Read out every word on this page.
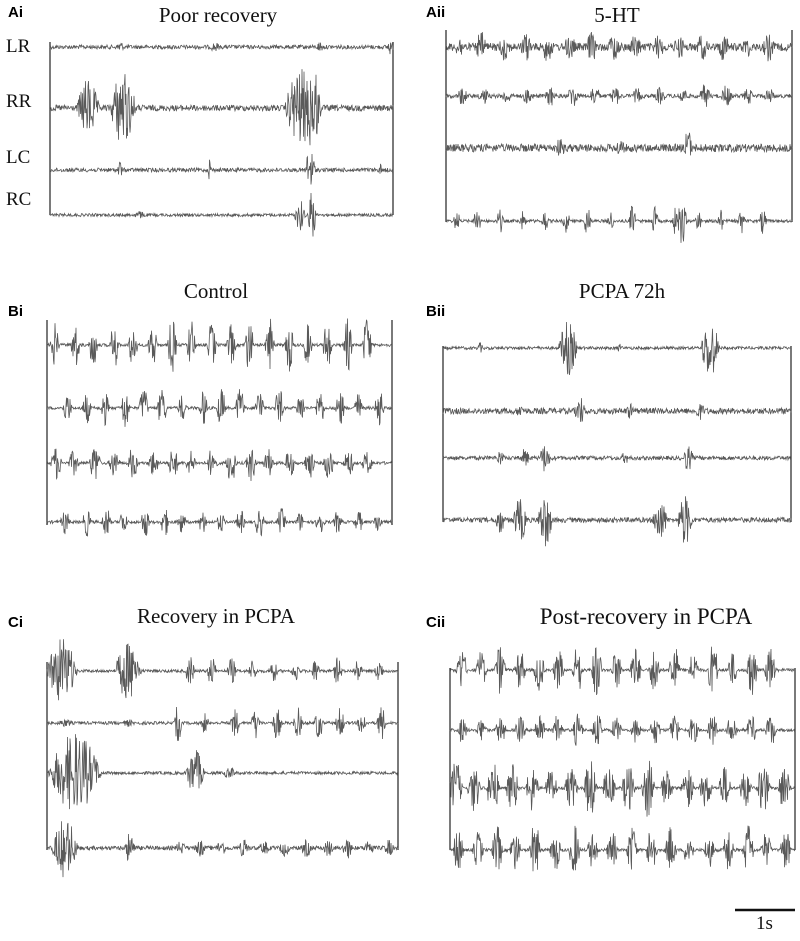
Ai	Aii
Bi	Bii
Ci	Cii
Poor recovery	5-HT
Control	PCPA 72h
Recovery in PCPA	Post-recovery in PCPA
LR
RR
LC
RC
1s
